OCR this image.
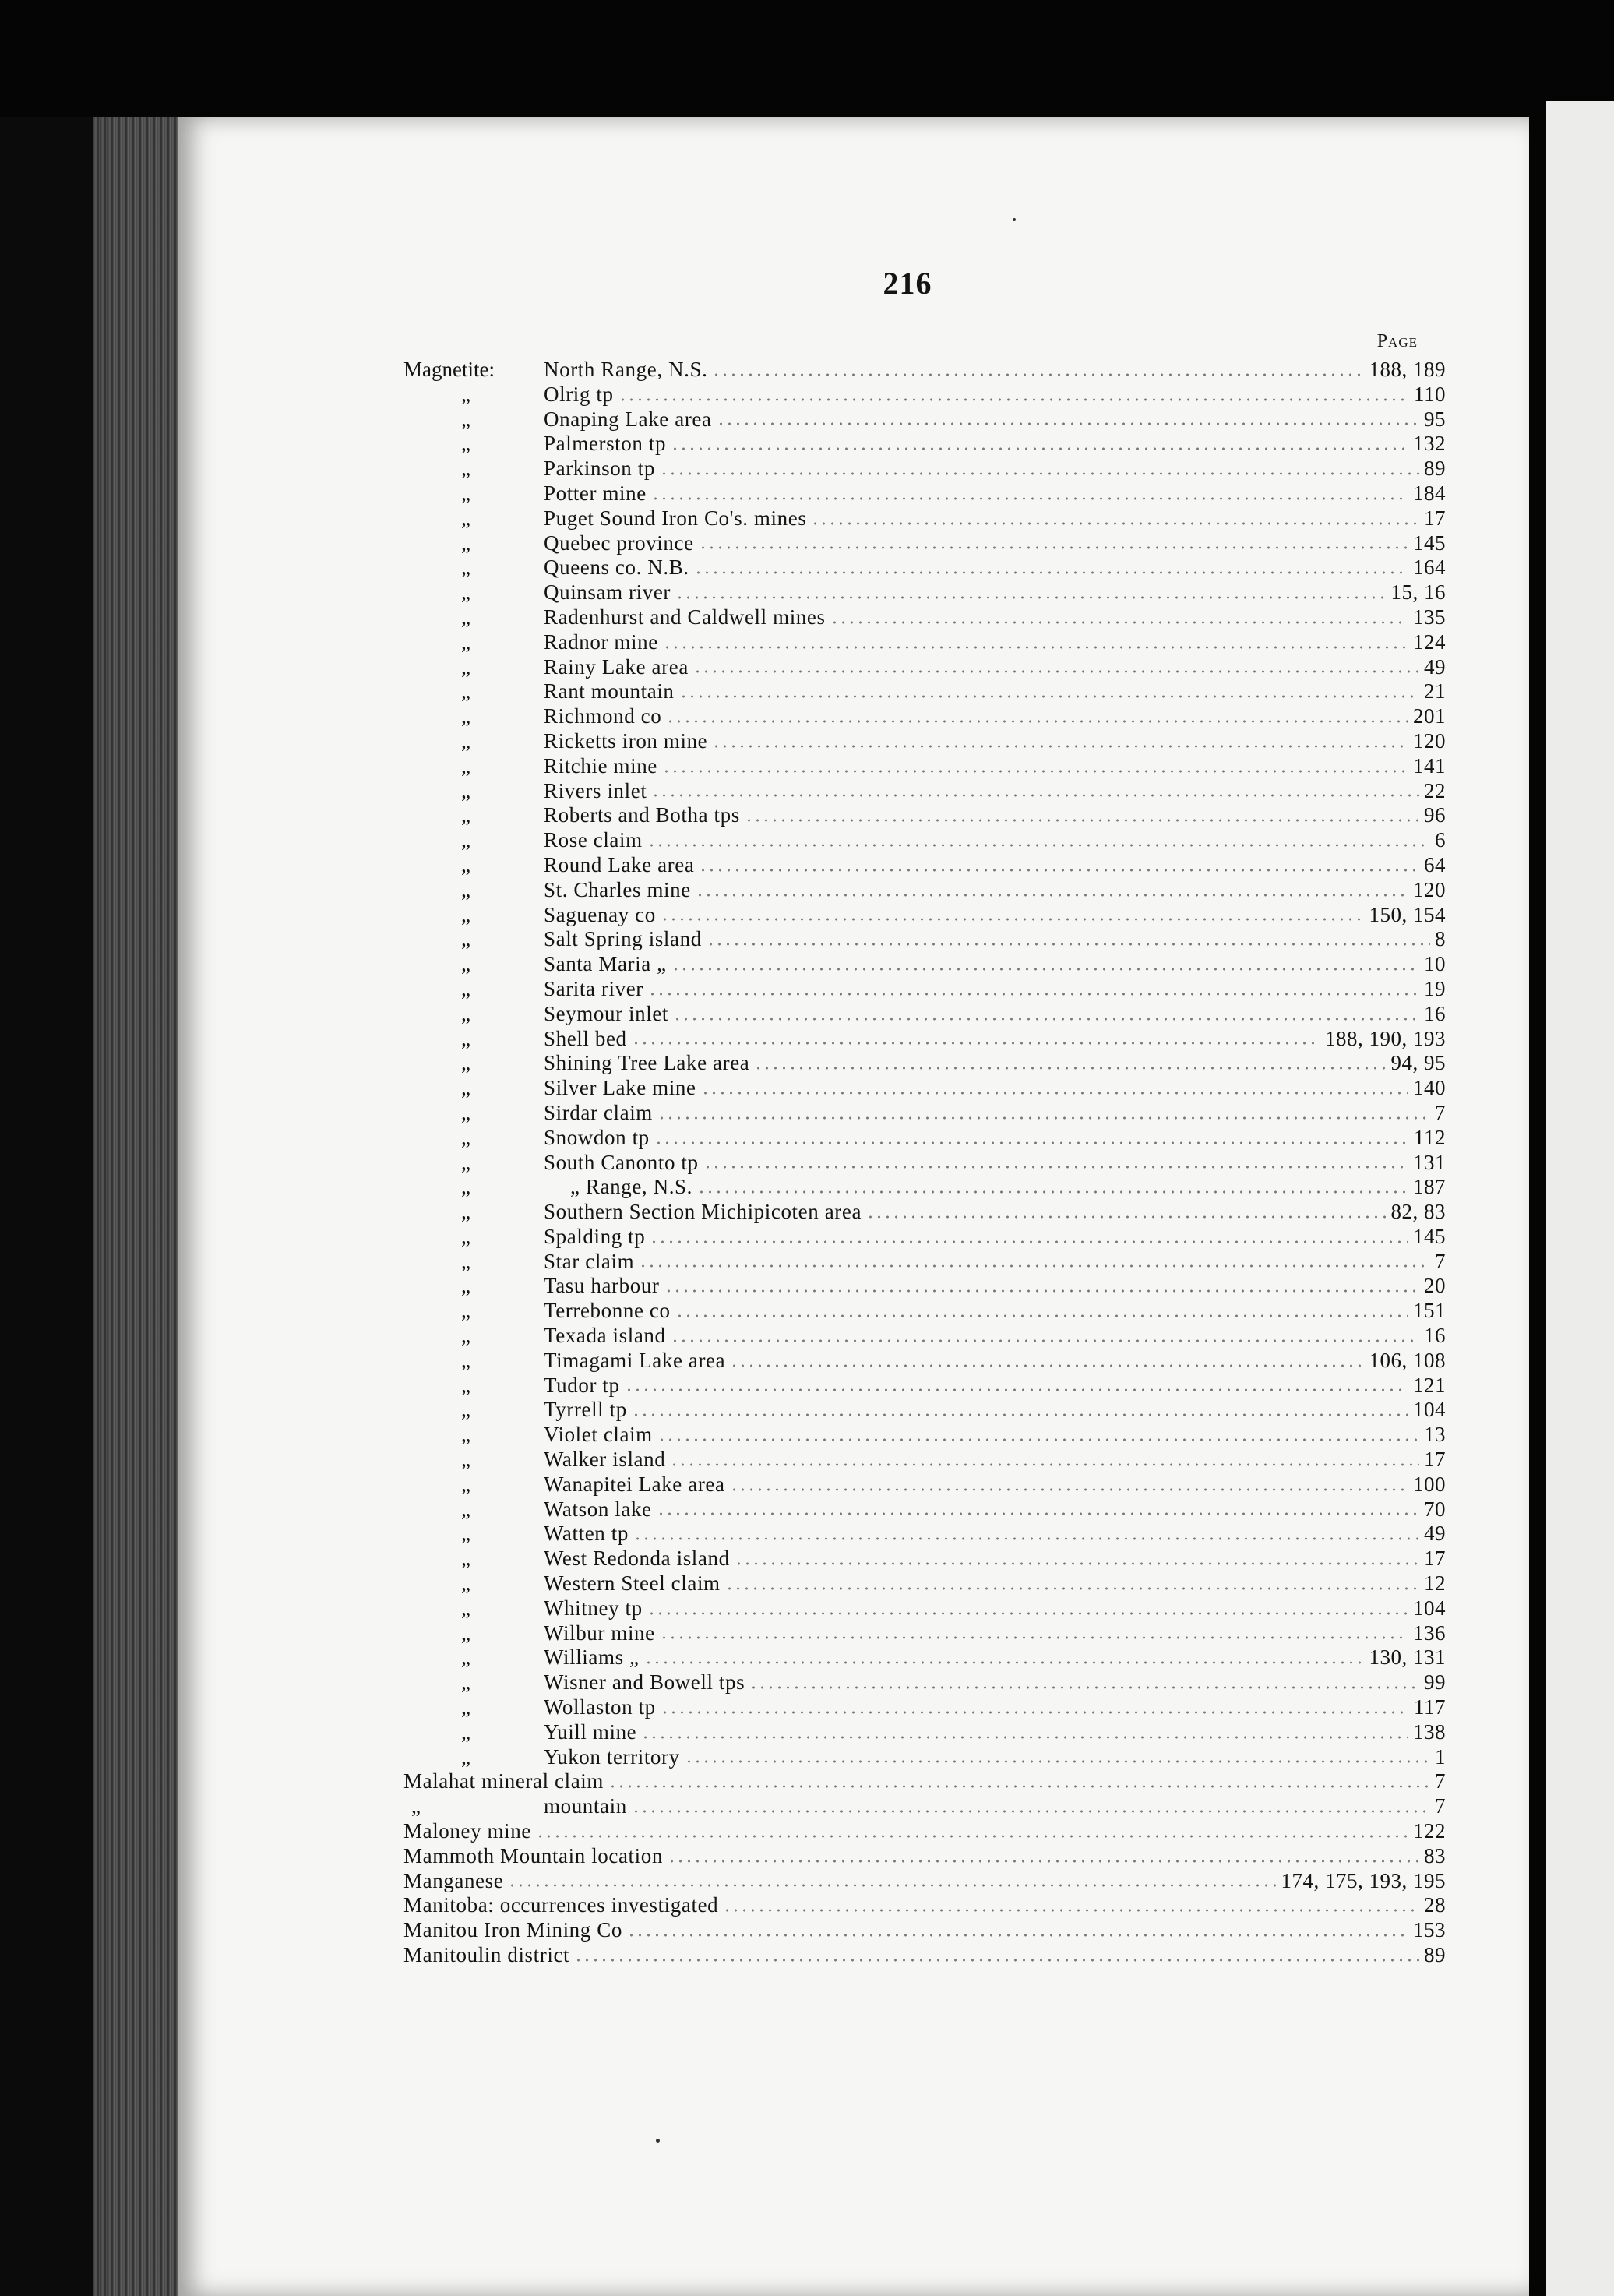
216
Page
Magnetite:	North Range, N.S.	188, 189
„	Olrig tp	110
„	Onaping Lake area	95
„	Palmerston tp	132
„	Parkinson tp	89
„	Potter mine	184
„	Puget Sound Iron Co's. mines	17
„	Quebec province	145
„	Queens co. N.B.	164
„	Quinsam river	15, 16
„	Radenhurst and Caldwell mines	135
„	Radnor mine	124
„	Rainy Lake area	49
„	Rant mountain	21
„	Richmond co	201
„	Ricketts iron mine	120
„	Ritchie mine	141
„	Rivers inlet	22
„	Roberts and Botha tps	96
„	Rose claim	6
„	Round Lake area	64
„	St. Charles mine	120
„	Saguenay co	150, 154
„	Salt Spring island	8
„	Santa Maria „	10
„	Sarita river	19
„	Seymour inlet	16
„	Shell bed	188, 190, 193
„	Shining Tree Lake area	94, 95
„	Silver Lake mine	140
„	Sirdar claim	7
„	Snowdon tp	112
„	South Canonto tp	131
„	„ Range, N.S.	187
„	Southern Section Michipicoten area	82, 83
„	Spalding tp	145
„	Star claim	7
„	Tasu harbour	20
„	Terrebonne co	151
„	Texada island	16
„	Timagami Lake area	106, 108
„	Tudor tp	121
„	Tyrrell tp	104
„	Violet claim	13
„	Walker island	17
„	Wanapitei Lake area	100
„	Watson lake	70
„	Watten tp	49
„	West Redonda island	17
„	Western Steel claim	12
„	Whitney tp	104
„	Wilbur mine	136
„	Williams „	130, 131
„	Wisner and Bowell tps	99
„	Wollaston tp	117
„	Yuill mine	138
„	Yukon territory	1
Malahat mineral claim	7
„	mountain	7
Maloney mine	122
Mammoth Mountain location	83
Manganese	174, 175, 193, 195
Manitoba: occurrences investigated	28
Manitou Iron Mining Co	153
Manitoulin district	89
